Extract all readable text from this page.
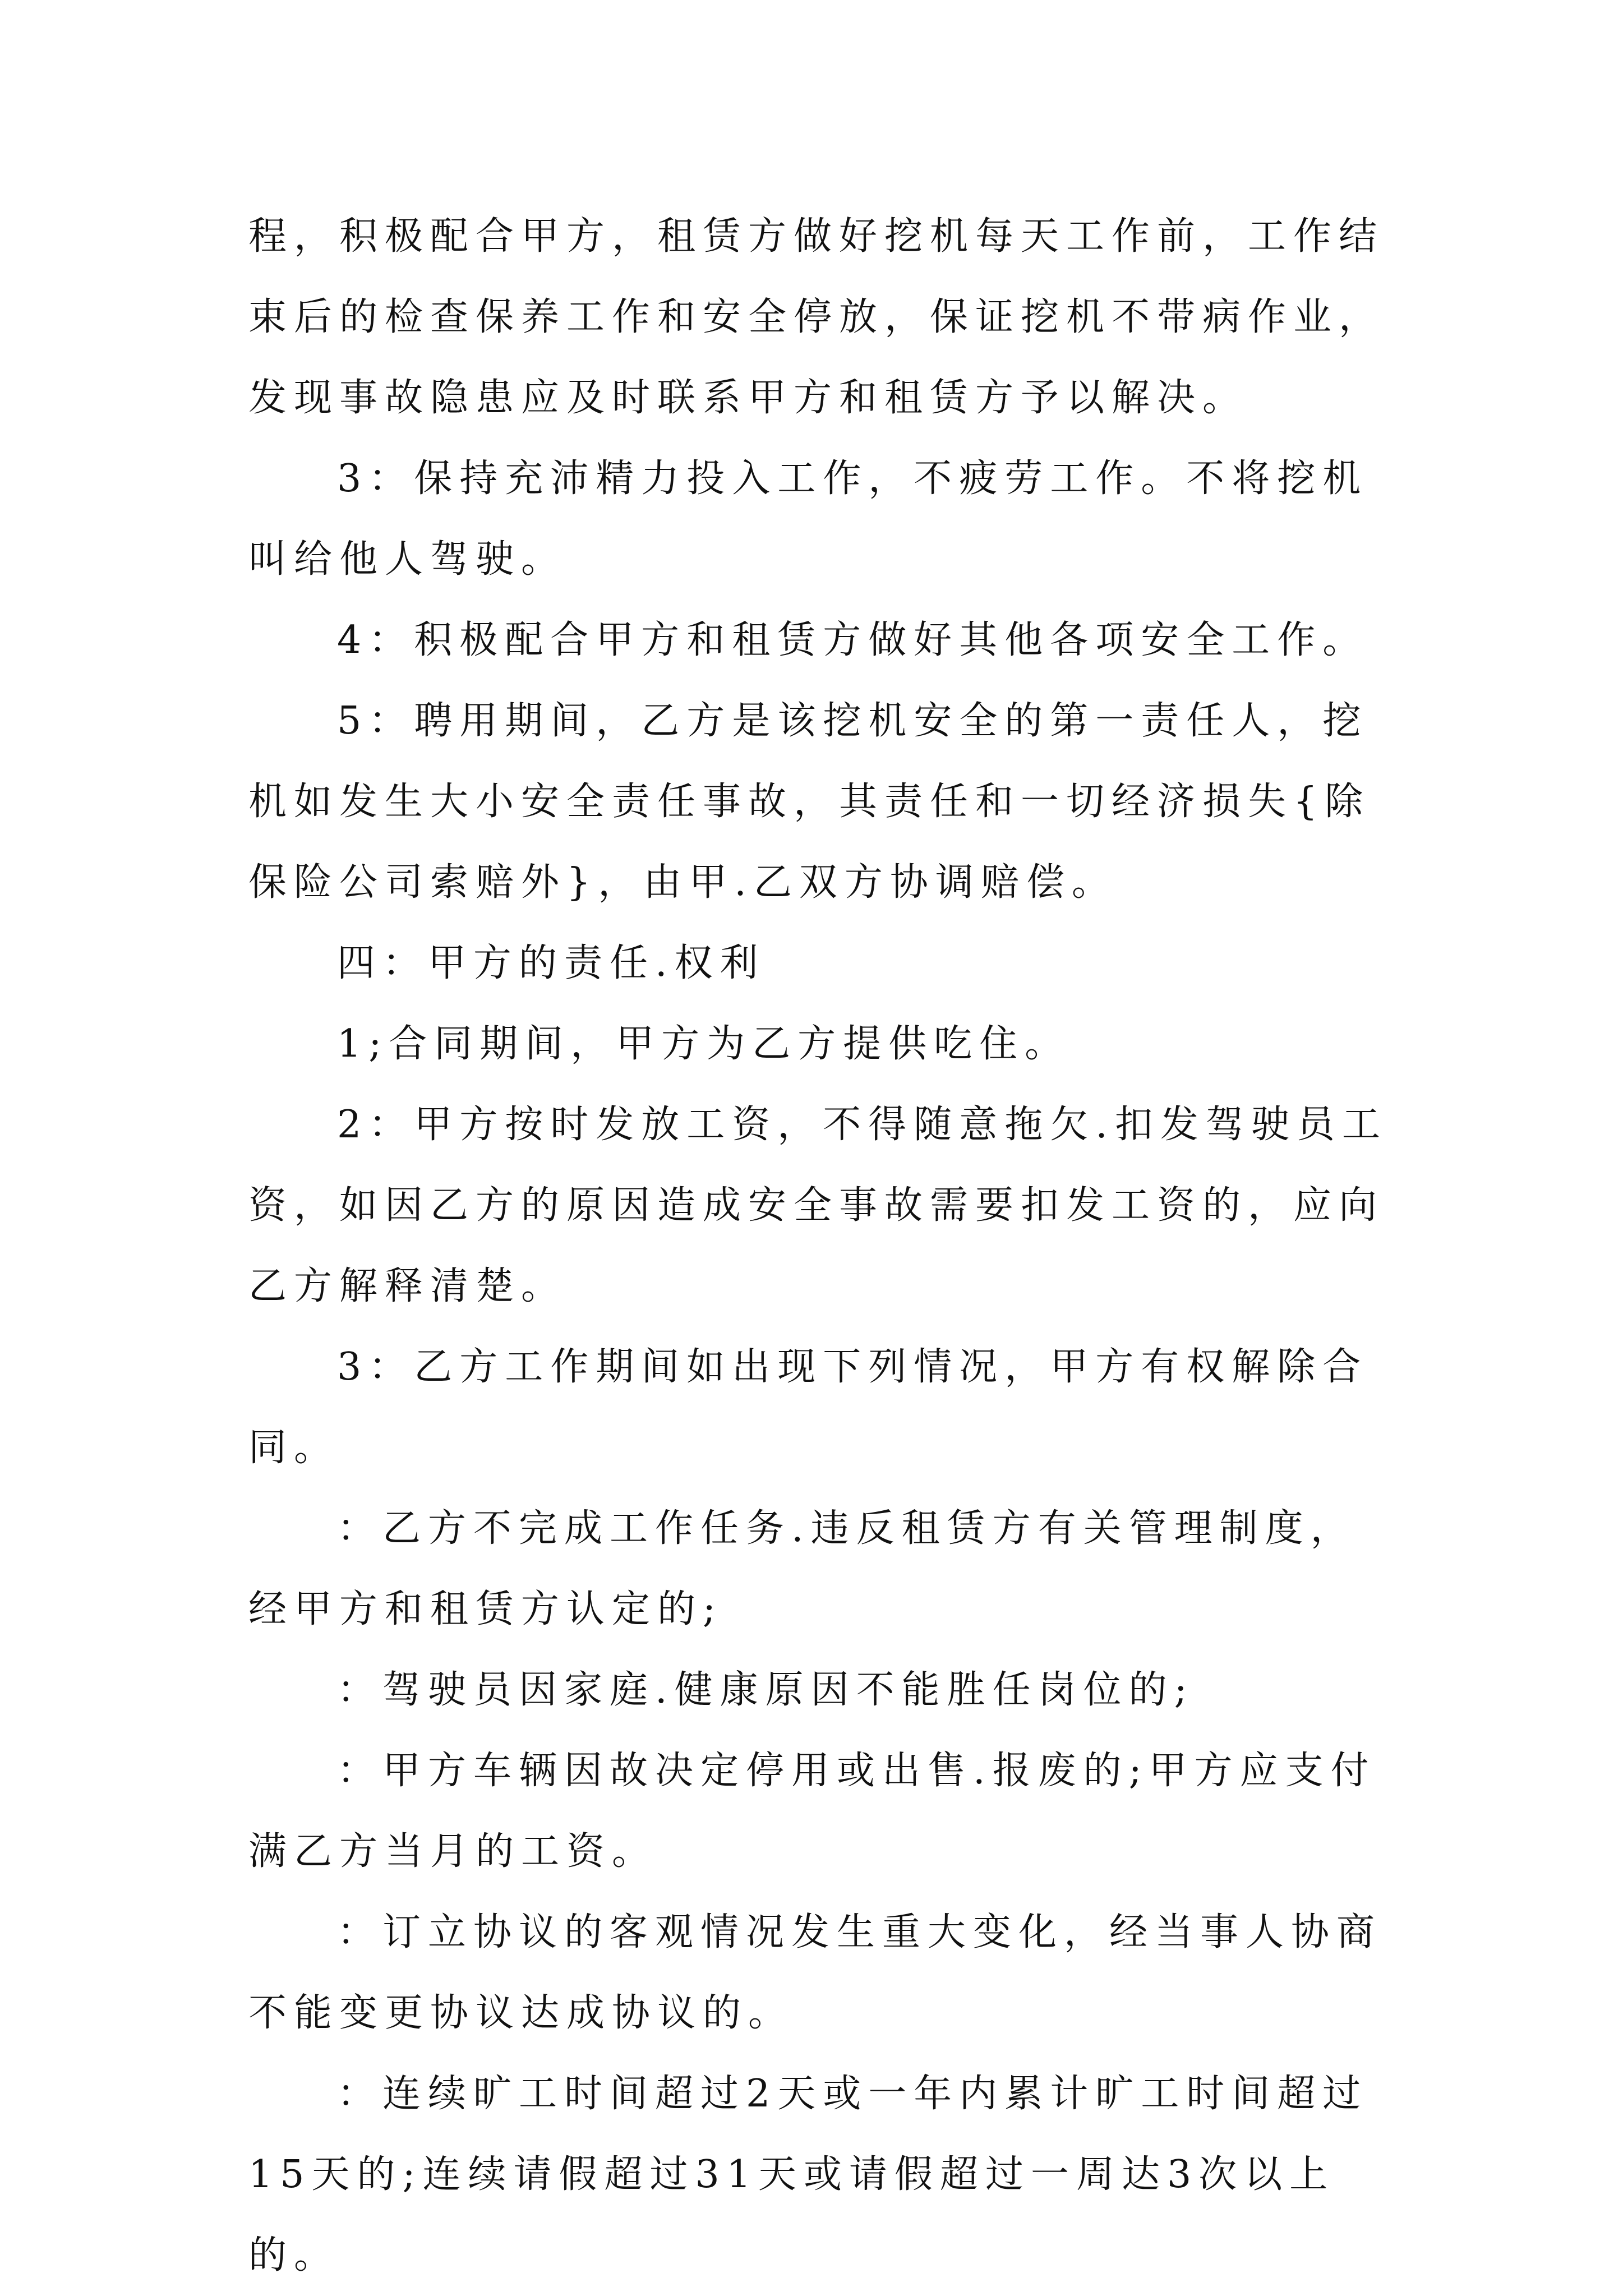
程，积极配合甲方，租赁方做好挖机每天工作前，工作结束后的检查保养工作和安全停放，保证挖机不带病作业，发现事故隐患应及时联系甲方和租赁方予以解决。

3：保持充沛精力投入工作，不疲劳工作。不将挖机叫给他人驾驶。

4：积极配合甲方和租赁方做好其他各项安全工作。

5：聘用期间，乙方是该挖机安全的第一责任人，挖机如发生大小安全责任事故，其责任和一切经济损失{除保险公司索赔外}，由甲.乙双方协调赔偿。

四：甲方的责任.权利

1;合同期间，甲方为乙方提供吃住。

2：甲方按时发放工资，不得随意拖欠.扣发驾驶员工资，如因乙方的原因造成安全事故需要扣发工资的，应向乙方解释清楚。

3：乙方工作期间如出现下列情况，甲方有权解除合同。

：乙方不完成工作任务.违反租赁方有关管理制度，经甲方和租赁方认定的;

：驾驶员因家庭.健康原因不能胜任岗位的;

：甲方车辆因故决定停用或出售.报废的;甲方应支付满乙方当月的工资。

：订立协议的客观情况发生重大变化，经当事人协商不能变更协议达成协议的。

：连续旷工时间超过2天或一年内累计旷工时间超过15天的;连续请假超过31天或请假超过一周达3次以上的。
